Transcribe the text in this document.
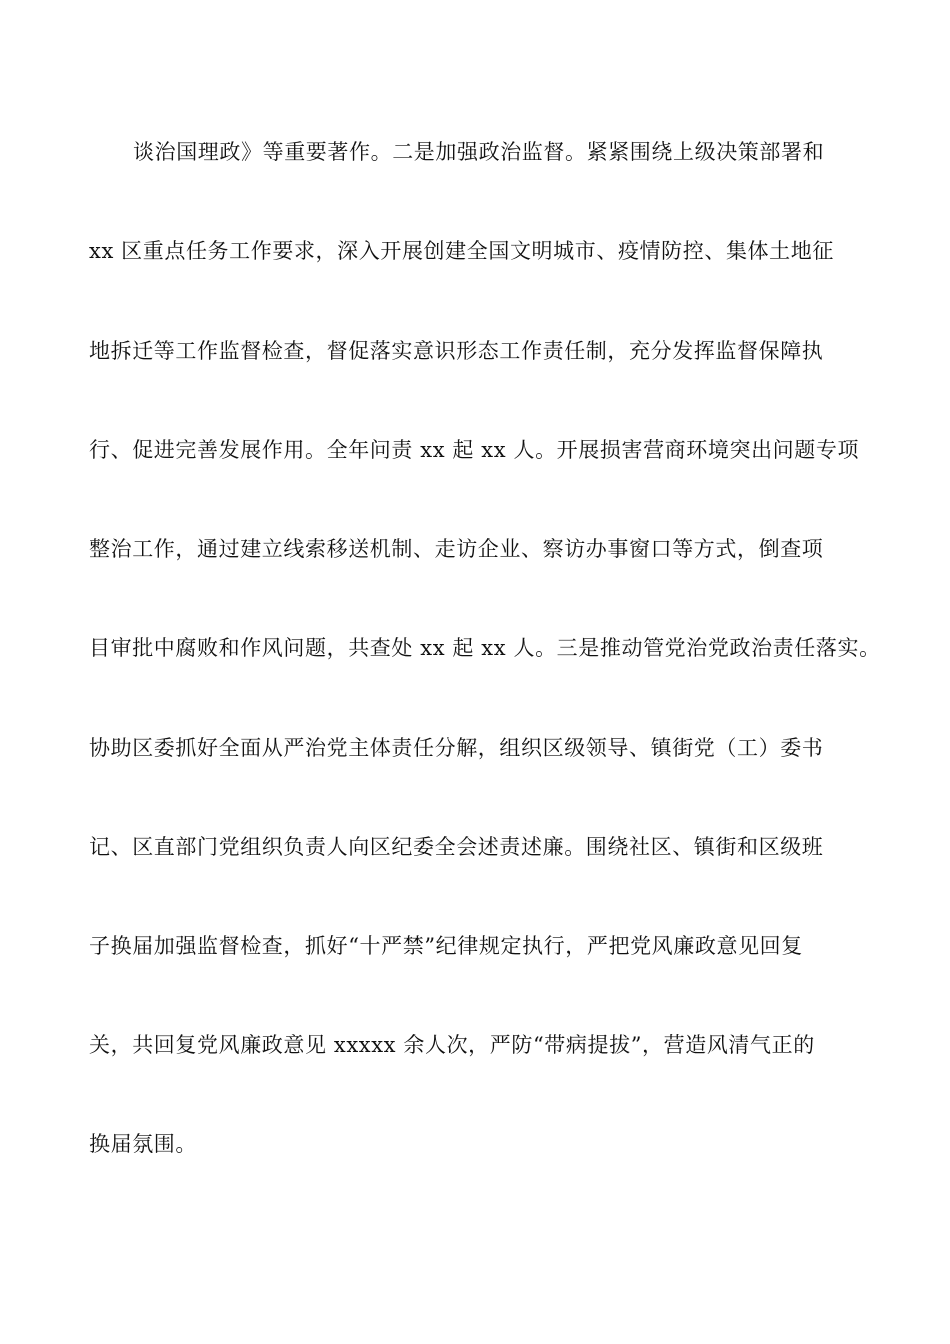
谈治国理政》等重要著作。二是加强政治监督。紧紧围绕上级决策部署和
xx 区重点任务工作要求，深入开展创建全国文明城市、疫情防控、集体土地征
地拆迁等工作监督检查，督促落实意识形态工作责任制，充分发挥监督保障执
行、促进完善发展作用。全年问责 xx 起 xx 人。开展损害营商环境突出问题专项
整治工作，通过建立线索移送机制、走访企业、察访办事窗口等方式，倒查项
目审批中腐败和作风问题，共查处 xx 起 xx 人。三是推动管党治党政治责任落实。
协助区委抓好全面从严治党主体责任分解，组织区级领导、镇街党（工）委书
记、区直部门党组织负责人向区纪委全会述责述廉。围绕社区、镇街和区级班
子换届加强监督检查，抓好“十严禁”纪律规定执行，严把党风廉政意见回复
关，共回复党风廉政意见 xxxxx 余人次，严防“带病提拔”，营造风清气正的
换届氛围。
